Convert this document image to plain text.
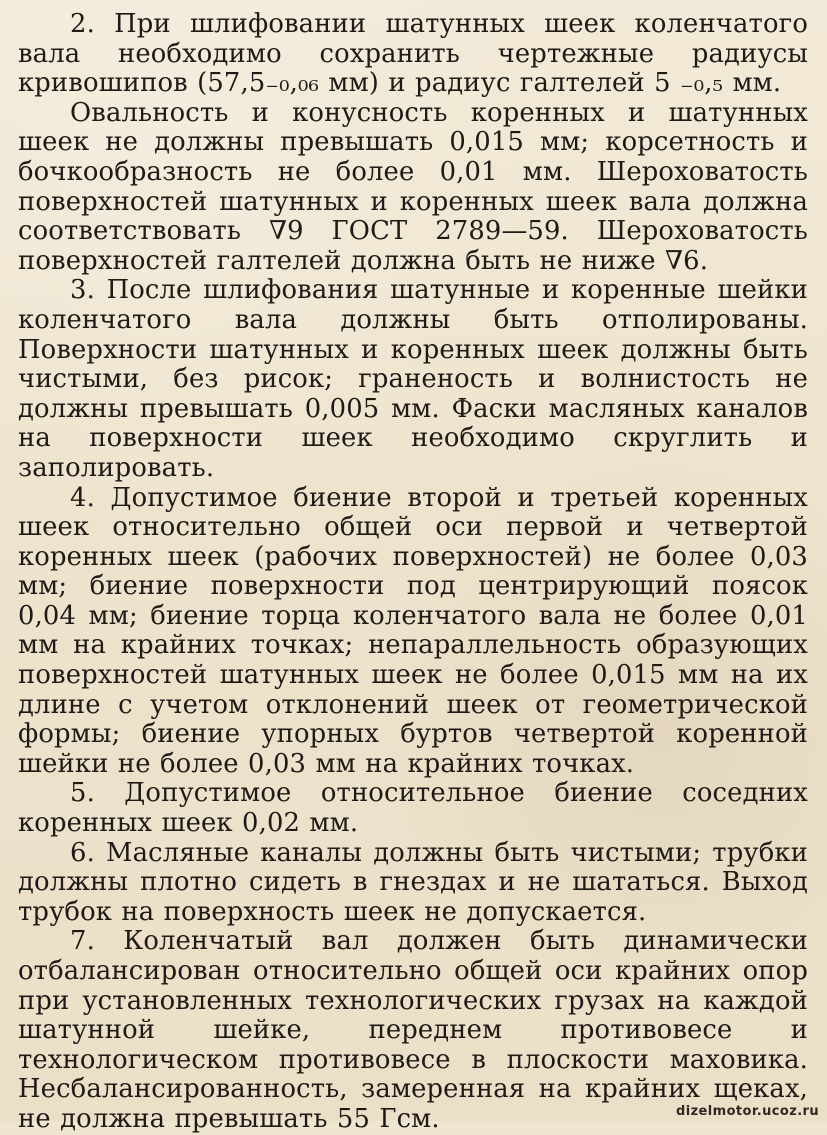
2. При шлифовании шатунных шеек коленчатого вала необходимо сохранить чертежные радиусы кривошипов (57,5₋₀,₀₆ мм) и радиус галтелей 5 ₋₀,₅ мм.

Овальность и конусность коренных и шатунных шеек не должны превышать 0,015 мм; корсетность и бочкообразность не более 0,01 мм. Шероховатость поверхностей шатунных и коренных шеек вала должна соответствовать ∇9 ГОСТ 2789—59. Шероховатость поверхностей галтелей должна быть не ниже ∇6.

3. После шлифования шатунные и коренные шейки коленчатого вала должны быть отполированы. Поверхности шатунных и коренных шеек должны быть чистыми, без рисок; граненость и волнистость не должны превышать 0,005 мм. Фаски масляных каналов на поверхности шеек необходимо скруглить и заполировать.

4. Допустимое биение второй и третьей коренных шеек относительно общей оси первой и четвертой коренных шеек (рабочих поверхностей) не более 0,03 мм; биение поверхности под центрирующий поясок 0,04 мм; биение торца коленчатого вала не более 0,01 мм на крайних точках; непараллельность образующих поверхностей шатунных шеек не более 0,015 мм на их длине с учетом отклонений шеек от геометрической формы; биение упорных буртов четвертой коренной шейки не более 0,03 мм на крайних точках.

5. Допустимое относительное биение соседних коренных шеек 0,02 мм.

6. Масляные каналы должны быть чистыми; трубки должны плотно сидеть в гнездах и не шататься. Выход трубок на поверхность шеек не допускается.

7. Коленчатый вал должен быть динамически отбалансирован относительно общей оси крайних опор при установленных технологических грузах на каждой шатунной шейке, переднем противовесе и технологическом противовесе в плоскости маховика. Несбалансированность, замеренная на крайних щеках, не должна превышать 55 Гсм.	dizelmotor.ucoz.ru
